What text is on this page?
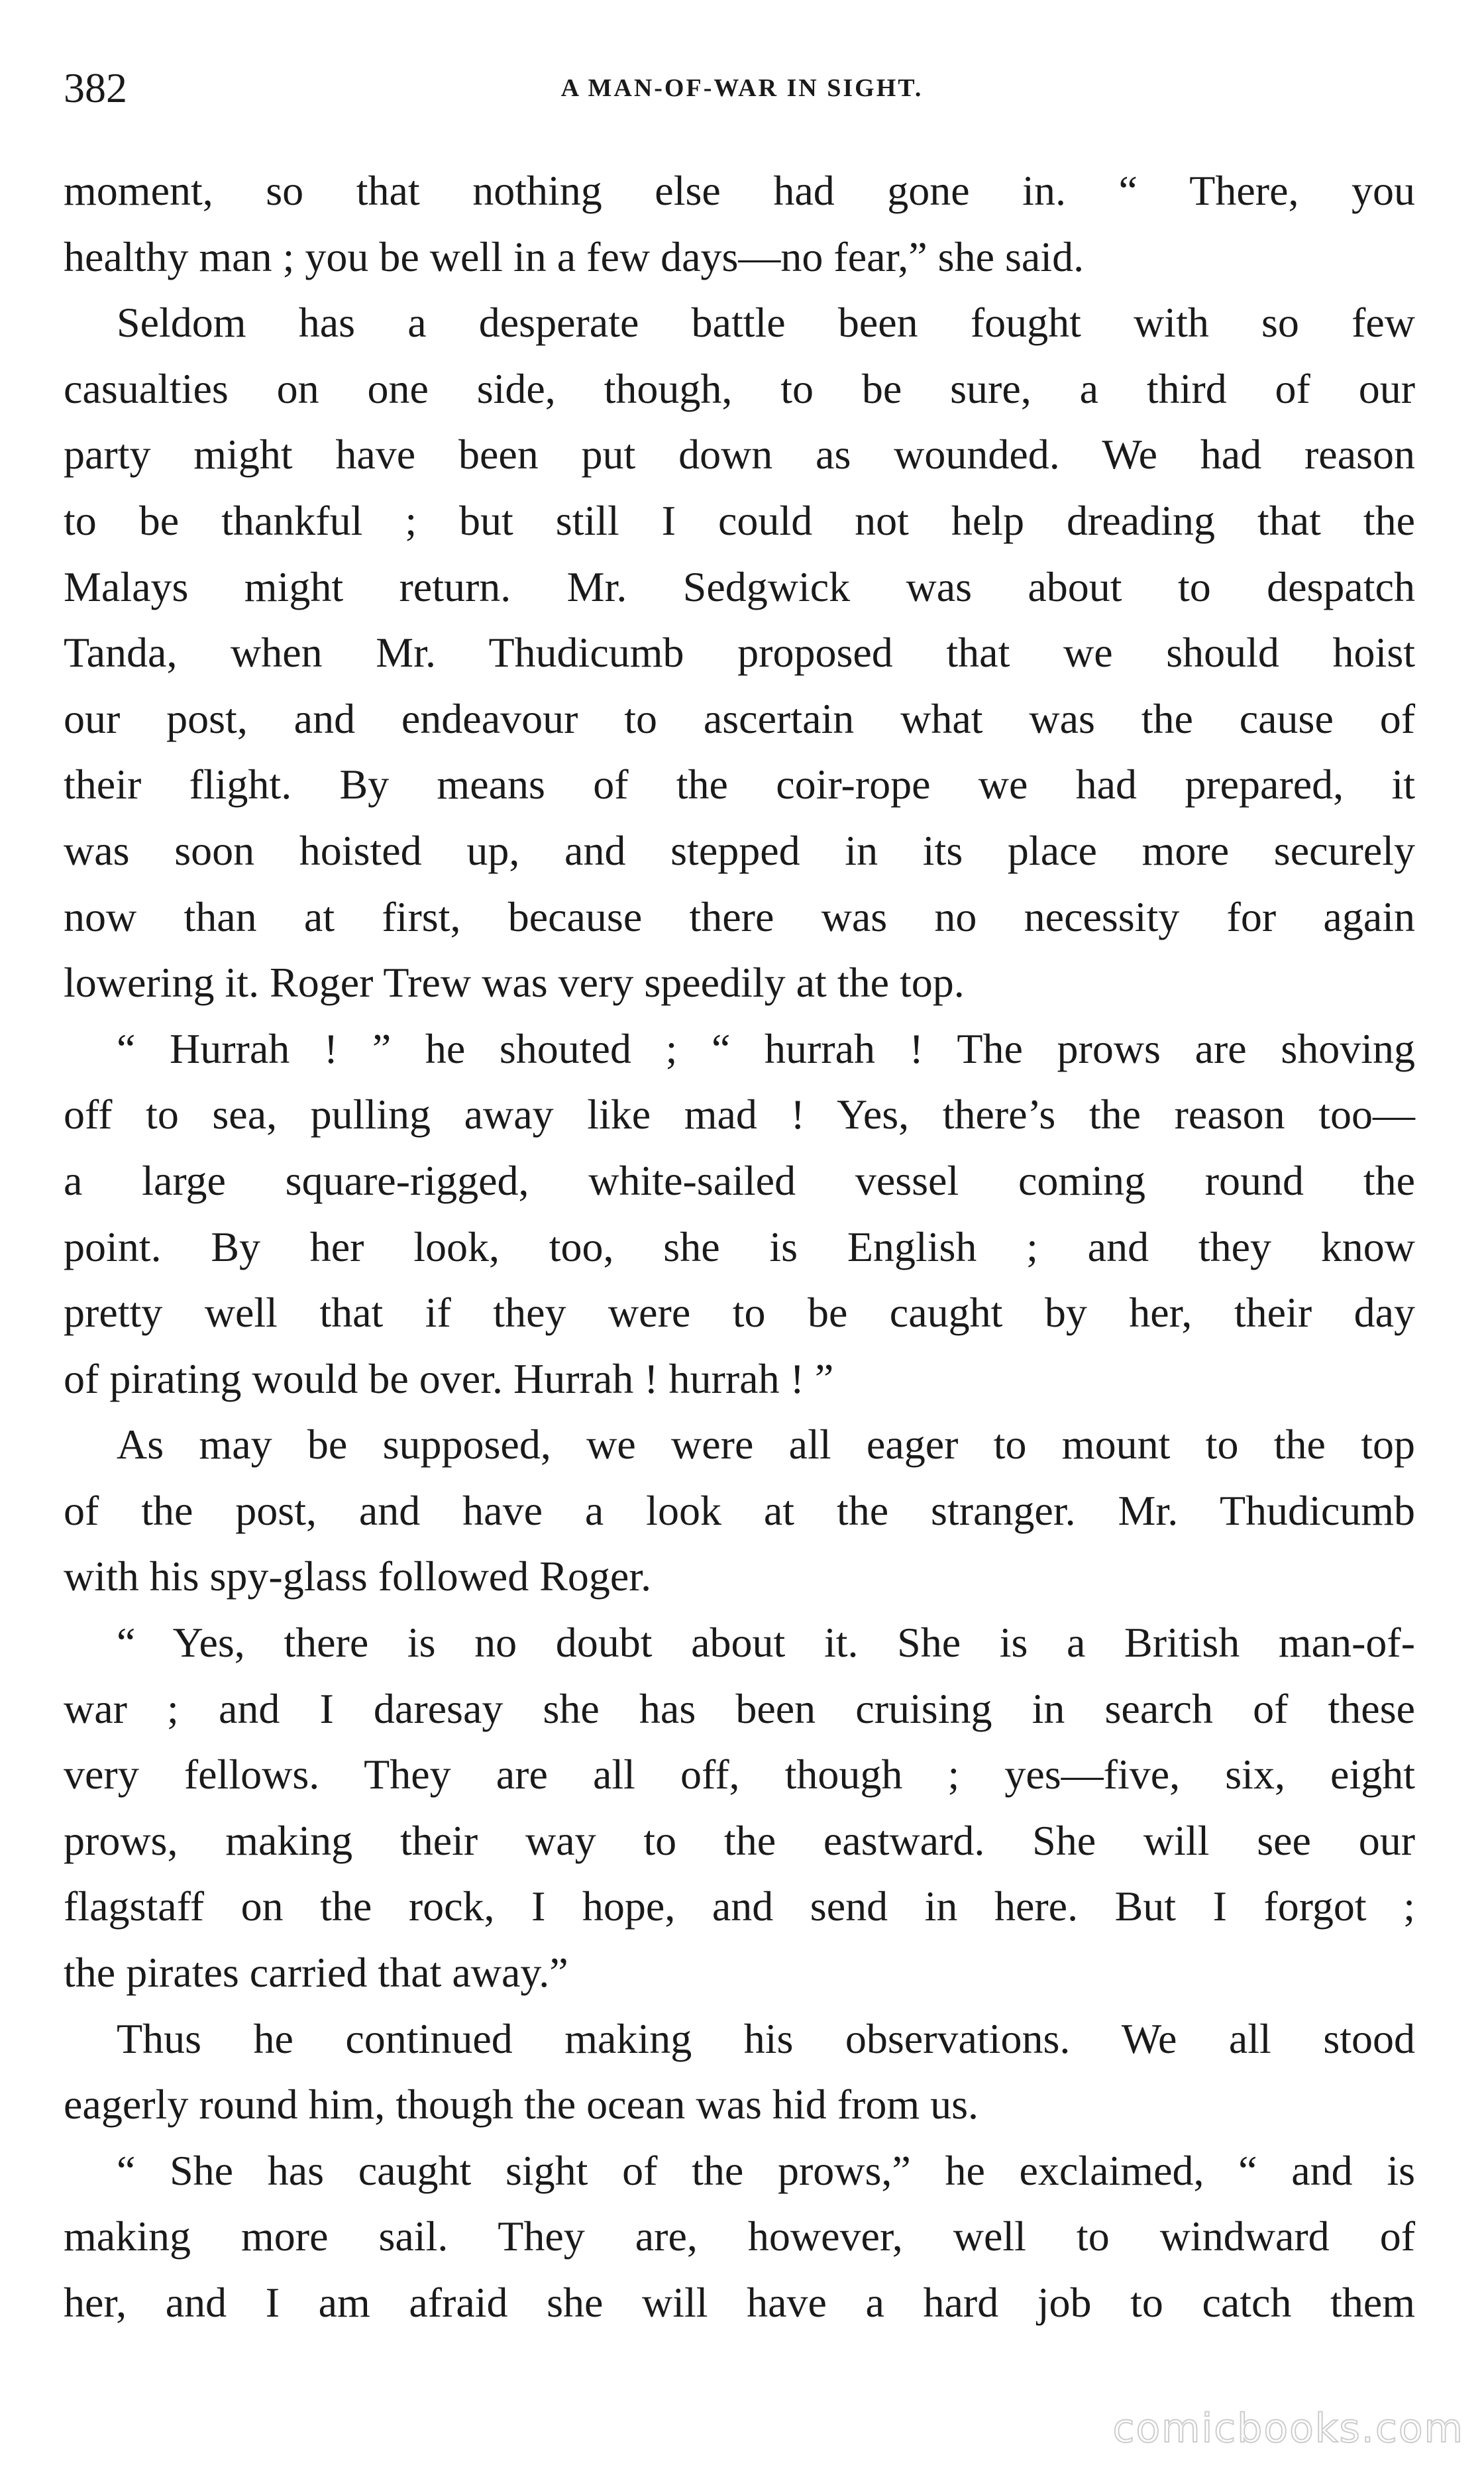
382	A MAN-OF-WAR IN SIGHT.
moment, so that nothing else had gone in. “ There, you
healthy man ; you be well in a few days—no fear,” she said.
Seldom has a desperate battle been fought with so few
casualties on one side, though, to be sure, a third of our
party might have been put down as wounded. We had reason
to be thankful ; but still I could not help dreading that the
Malays might return. Mr. Sedgwick was about to despatch
Tanda, when Mr. Thudicumb proposed that we should hoist
our post, and endeavour to ascertain what was the cause of
their flight. By means of the coir-rope we had prepared, it
was soon hoisted up, and stepped in its place more securely
now than at first, because there was no necessity for again
lowering it. Roger Trew was very speedily at the top.
“ Hurrah ! ” he shouted ; “ hurrah ! The prows are shoving
off to sea, pulling away like mad ! Yes, there’s the reason too—
a large square-rigged, white-sailed vessel coming round the
point. By her look, too, she is English ; and they know
pretty well that if they were to be caught by her, their day
of pirating would be over. Hurrah ! hurrah ! ”
As may be supposed, we were all eager to mount to the top
of the post, and have a look at the stranger. Mr. Thudicumb
with his spy-glass followed Roger.
“ Yes, there is no doubt about it. She is a British man-of-
war ; and I daresay she has been cruising in search of these
very fellows. They are all off, though ; yes—five, six, eight
prows, making their way to the eastward. She will see our
flagstaff on the rock, I hope, and send in here. But I forgot ;
the pirates carried that away.”
Thus he continued making his observations. We all stood
eagerly round him, though the ocean was hid from us.
“ She has caught sight of the prows,” he exclaimed, “ and is
making more sail. They are, however, well to windward of
her, and I am afraid she will have a hard job to catch them
comicbooks.com
